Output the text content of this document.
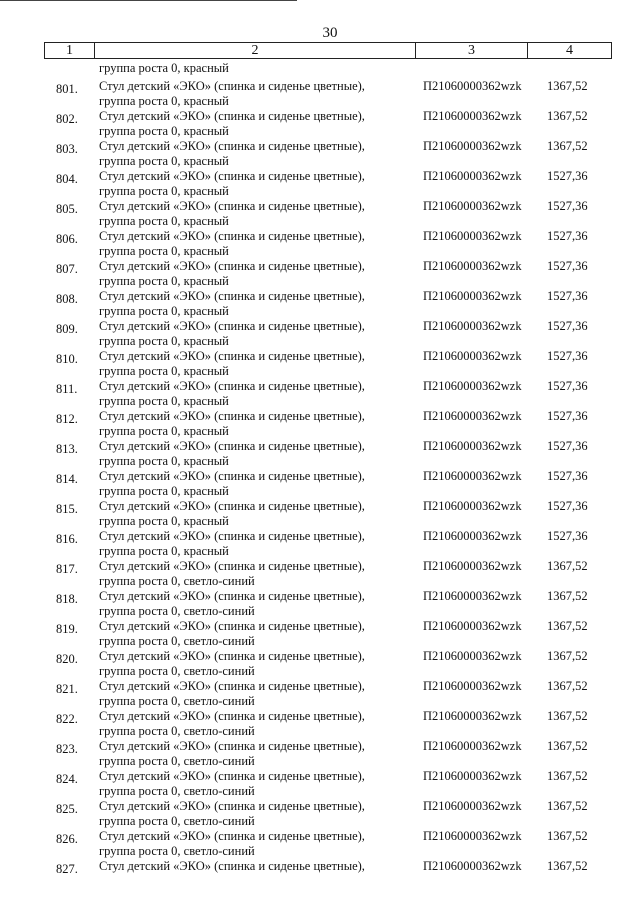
30
1	2	3	4
группа роста 0, красный
801. Стул детский «ЭКО» (спинка и сиденье цветные),
группа роста 0, красный
П21060000362wzk 1367,52
802. Стул детский «ЭКО» (спинка и сиденье цветные),
группа роста 0, красный
П21060000362wzk 1367,52
803. Стул детский «ЭКО» (спинка и сиденье цветные),
группа роста 0, красный
П21060000362wzk 1367,52
804. Стул детский «ЭКО» (спинка и сиденье цветные),
группа роста 0, красный
П21060000362wzk 1527,36
805. Стул детский «ЭКО» (спинка и сиденье цветные),
группа роста 0, красный
П21060000362wzk 1527,36
806. Стул детский «ЭКО» (спинка и сиденье цветные),
группа роста 0, красный
П21060000362wzk 1527,36
807. Стул детский «ЭКО» (спинка и сиденье цветные),
группа роста 0, красный
П21060000362wzk 1527,36
808. Стул детский «ЭКО» (спинка и сиденье цветные),
группа роста 0, красный
П21060000362wzk 1527,36
809. Стул детский «ЭКО» (спинка и сиденье цветные),
группа роста 0, красный
П21060000362wzk 1527,36
810. Стул детский «ЭКО» (спинка и сиденье цветные),
группа роста 0, красный
П21060000362wzk 1527,36
811. Стул детский «ЭКО» (спинка и сиденье цветные),
группа роста 0, красный
П21060000362wzk 1527,36
812. Стул детский «ЭКО» (спинка и сиденье цветные),
группа роста 0, красный
П21060000362wzk 1527,36
813. Стул детский «ЭКО» (спинка и сиденье цветные),
группа роста 0, красный
П21060000362wzk 1527,36
814. Стул детский «ЭКО» (спинка и сиденье цветные),
группа роста 0, красный
П21060000362wzk 1527,36
815. Стул детский «ЭКО» (спинка и сиденье цветные),
группа роста 0, красный
П21060000362wzk 1527,36
816. Стул детский «ЭКО» (спинка и сиденье цветные),
группа роста 0, красный
П21060000362wzk 1527,36
817. Стул детский «ЭКО» (спинка и сиденье цветные),
группа роста 0, светло-синий
П21060000362wzk 1367,52
818. Стул детский «ЭКО» (спинка и сиденье цветные),
группа роста 0, светло-синий
П21060000362wzk 1367,52
819. Стул детский «ЭКО» (спинка и сиденье цветные),
группа роста 0, светло-синий
П21060000362wzk 1367,52
820. Стул детский «ЭКО» (спинка и сиденье цветные),
группа роста 0, светло-синий
П21060000362wzk 1367,52
821. Стул детский «ЭКО» (спинка и сиденье цветные),
группа роста 0, светло-синий
П21060000362wzk 1367,52
822. Стул детский «ЭКО» (спинка и сиденье цветные),
группа роста 0, светло-синий
П21060000362wzk 1367,52
823. Стул детский «ЭКО» (спинка и сиденье цветные),
группа роста 0, светло-синий
П21060000362wzk 1367,52
824. Стул детский «ЭКО» (спинка и сиденье цветные),
группа роста 0, светло-синий
П21060000362wzk 1367,52
825. Стул детский «ЭКО» (спинка и сиденье цветные),
группа роста 0, светло-синий
П21060000362wzk 1367,52
826. Стул детский «ЭКО» (спинка и сиденье цветные),
группа роста 0, светло-синий
П21060000362wzk 1367,52
827. Стул детский «ЭКО» (спинка и сиденье цветные),	П21060000362wzk 1367,52
